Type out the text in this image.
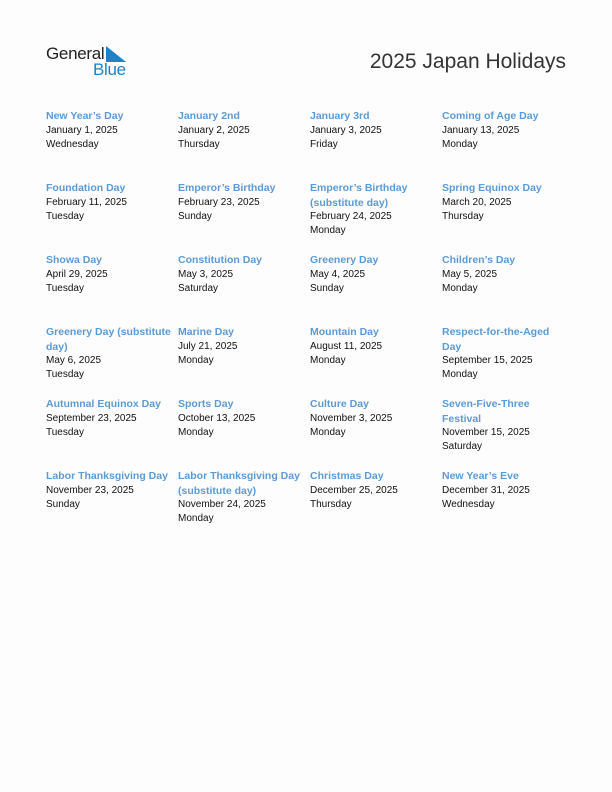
General
Blue	2025 Japan Holidays
New Year’s Day
January 1, 2025
Wednesday
January 2nd
January 2, 2025
Thursday
January 3rd
January 3, 2025
Friday
Coming of Age Day
January 13, 2025
Monday
Foundation Day
February 11, 2025
Tuesday
Emperor’s Birthday
February 23, 2025
Sunday
Emperor’s Birthday (substitute day)
February 24, 2025
Monday
Spring Equinox Day
March 20, 2025
Thursday
Showa Day
April 29, 2025
Tuesday
Constitution Day
May 3, 2025
Saturday
Greenery Day
May 4, 2025
Sunday
Children’s Day
May 5, 2025
Monday
Greenery Day (substitute day)
May 6, 2025
Tuesday
Marine Day
July 21, 2025
Monday
Mountain Day
August 11, 2025
Monday
Respect-for-the-Aged Day
September 15, 2025
Monday
Autumnal Equinox Day
September 23, 2025
Tuesday
Sports Day
October 13, 2025
Monday
Culture Day
November 3, 2025
Monday
Seven-Five-Three Festival
November 15, 2025
Saturday
Labor Thanksgiving Day
November 23, 2025
Sunday
Labor Thanksgiving Day (substitute day)
November 24, 2025
Monday
Christmas Day
December 25, 2025
Thursday
New Year’s Eve
December 31, 2025
Wednesday
